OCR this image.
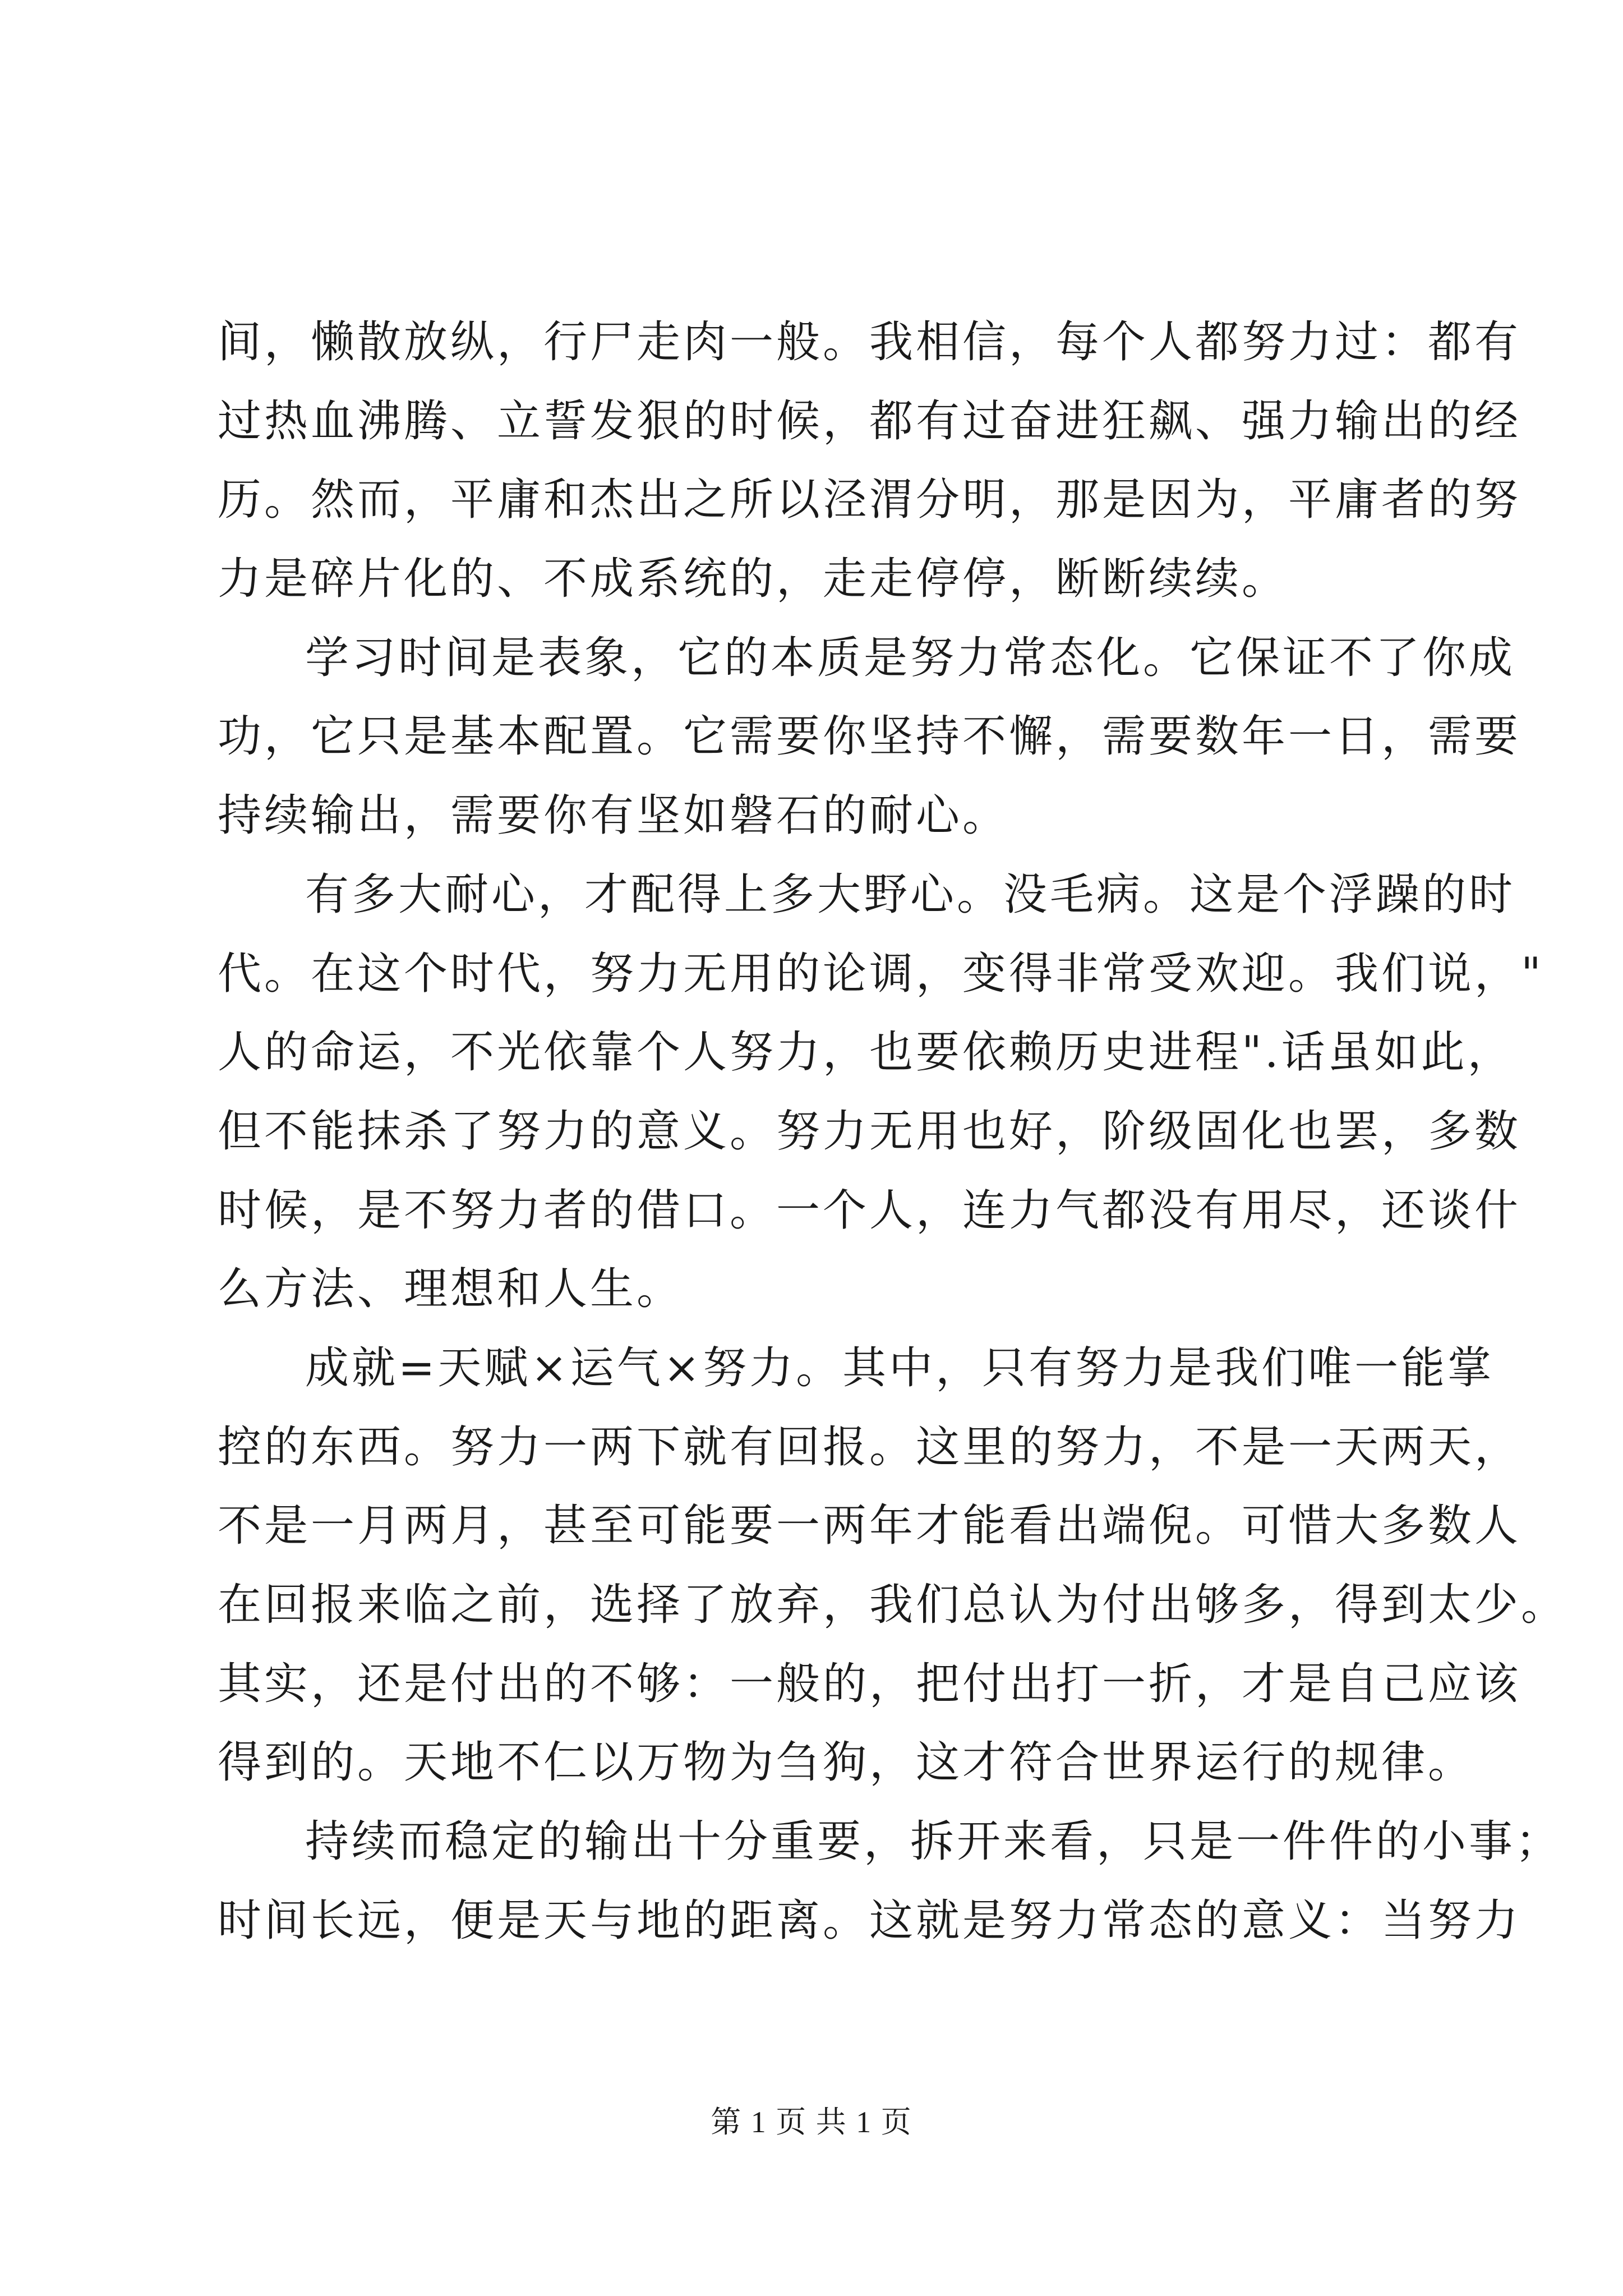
间，懒散放纵，行尸走肉一般。我相信，每个人都努力过：都有
过热血沸腾、立誓发狠的时候，都有过奋进狂飙、强力输出的经
历。然而，平庸和杰出之所以泾渭分明，那是因为，平庸者的努
力是碎片化的、不成系统的，走走停停，断断续续。
学习时间是表象，它的本质是努力常态化。它保证不了你成
功，它只是基本配置。它需要你坚持不懈，需要数年一日，需要
持续输出，需要你有坚如磐石的耐心。
有多大耐心，才配得上多大野心。没毛病。这是个浮躁的时
代。在这个时代，努力无用的论调，变得非常受欢迎。我们说，"
人的命运，不光依靠个人努力，也要依赖历史进程".话虽如此，
但不能抹杀了努力的意义。努力无用也好，阶级固化也罢，多数
时候，是不努力者的借口。一个人，连力气都没有用尽，还谈什
么方法、理想和人生。
成就=天赋×运气×努力。其中，只有努力是我们唯一能掌
控的东西。努力一两下就有回报。这里的努力，不是一天两天，
不是一月两月，甚至可能要一两年才能看出端倪。可惜大多数人
在回报来临之前，选择了放弃，我们总认为付出够多，得到太少。
其实，还是付出的不够：一般的，把付出打一折，才是自己应该
得到的。天地不仁以万物为刍狗，这才符合世界运行的规律。
持续而稳定的输出十分重要，拆开来看，只是一件件的小事；
时间长远，便是天与地的距离。这就是努力常态的意义：当努力
第 1 页 共 1 页
